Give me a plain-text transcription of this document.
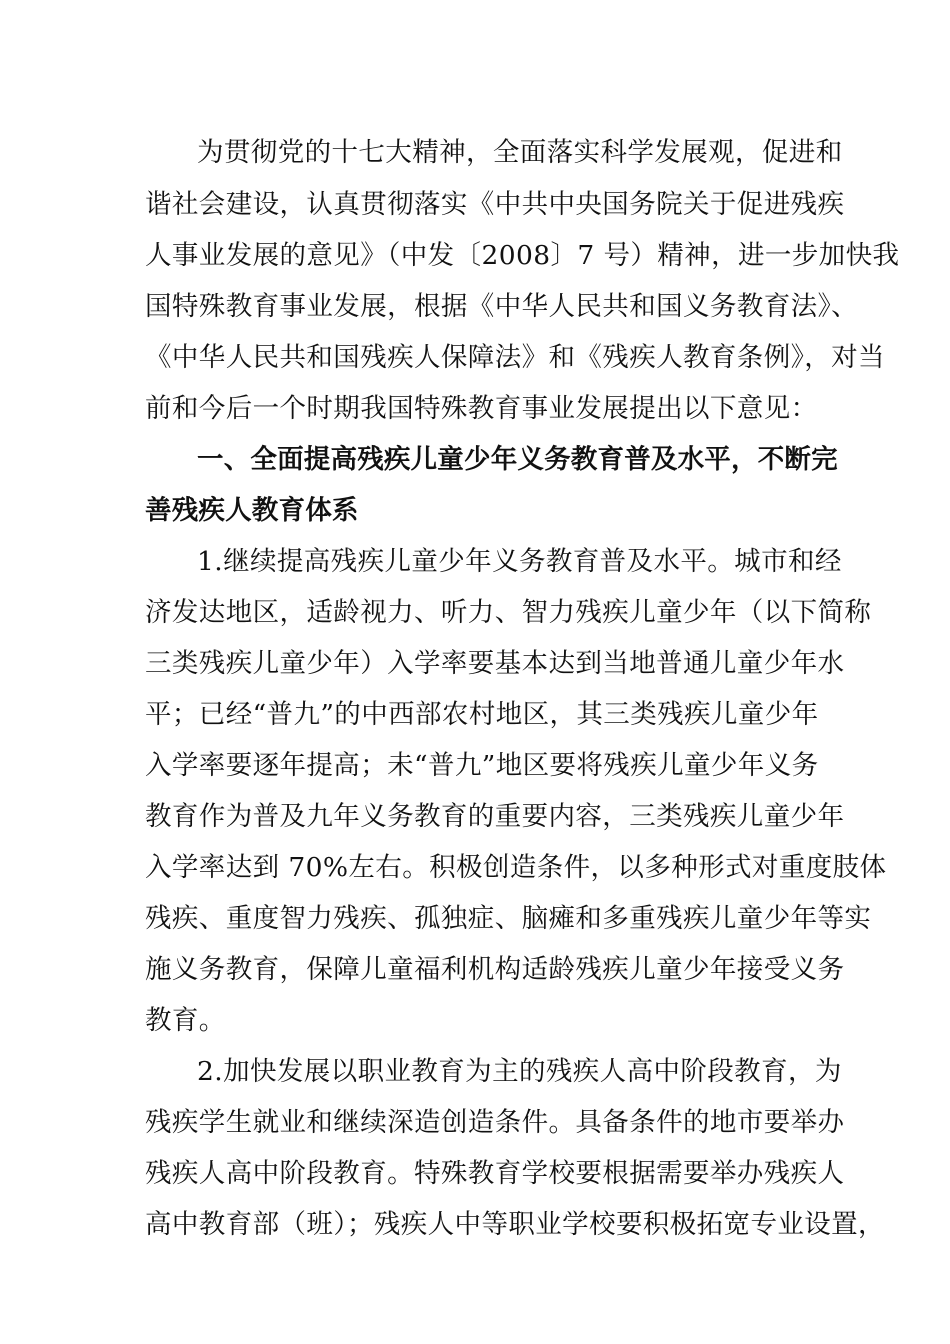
为贯彻党的十七大精神，全面落实科学发展观，促进和
谐社会建设，认真贯彻落实《中共中央国务院关于促进残疾
人事业发展的意见》（中发〔2008〕7 号）精神，进一步加快我
国特殊教育事业发展，根据《中华人民共和国义务教育法》、
《中华人民共和国残疾人保障法》和《残疾人教育条例》，对当
前和今后一个时期我国特殊教育事业发展提出以下意见：
一、全面提高残疾儿童少年义务教育普及水平，不断完
善残疾人教育体系
1.继续提高残疾儿童少年义务教育普及水平。城市和经
济发达地区，适龄视力、听力、智力残疾儿童少年（以下简称
三类残疾儿童少年）入学率要基本达到当地普通儿童少年水
平；已经“普九”的中西部农村地区，其三类残疾儿童少年
入学率要逐年提高；未“普九”地区要将残疾儿童少年义务
教育作为普及九年义务教育的重要内容，三类残疾儿童少年
入学率达到 70%左右。积极创造条件，以多种形式对重度肢体
残疾、重度智力残疾、孤独症、脑瘫和多重残疾儿童少年等实
施义务教育，保障儿童福利机构适龄残疾儿童少年接受义务
教育。
2.加快发展以职业教育为主的残疾人高中阶段教育，为
残疾学生就业和继续深造创造条件。具备条件的地市要举办
残疾人高中阶段教育。特殊教育学校要根据需要举办残疾人
高中教育部（班）；残疾人中等职业学校要积极拓宽专业设置，
